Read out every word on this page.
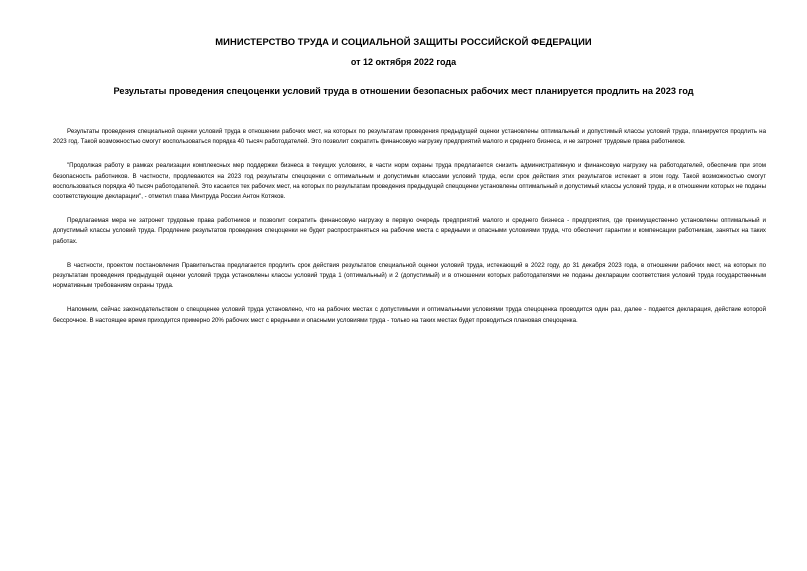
МИНИСТЕРСТВО ТРУДА И СОЦИАЛЬНОЙ ЗАЩИТЫ РОССИЙСКОЙ ФЕДЕРАЦИИ
от 12 октября 2022 года
Результаты проведения спецоценки условий труда в отношении безопасных рабочих мест планируется продлить на 2023 год

Результаты проведения специальной оценки условий труда в отношении рабочих мест, на которых по результатам проведения предыдущей оценки установлены оптимальный и допустимый классы условий труда, планируется продлить на 2023 год. Такой возможностью смогут воспользоваться порядка 40 тысяч работодателей. Это позволит сократить финансовую нагрузку предприятий малого и среднего бизнеса, и не затронет трудовые права работников.

"Продолжая работу в рамках реализации комплексных мер поддержки бизнеса в текущих условиях, в части норм охраны труда предлагается снизить административную и финансовую нагрузку на работодателей, обеспечив при этом безопасность работников. В частности, продлеваются на 2023 год результаты спецоценки с оптимальным и допустимым классами условий труда, если срок действия этих результатов истекает в этом году. Такой возможностью смогут воспользоваться порядка 40 тысяч работодателей. Это касается тех рабочих мест, на которых по результатам проведения предыдущей спецоценки установлены оптимальный и допустимый классы условий труда, и в отношении которых не поданы соответствующие декларации", - отметил глава Минтруда России Антон Котяков.

Предлагаемая мера не затронет трудовые права работников и позволит сократить финансовую нагрузку в первую очередь предприятий малого и среднего бизнеса - предприятия, где преимущественно установлены оптимальный и допустимый классы условий труда. Продление результатов проведения спецоценки не будет распространяться на рабочие места с вредными и опасными условиями труда, что обеспечит гарантии и компенсации работникам, занятых на таких работах.

В частности, проектом постановления Правительства предлагается продлить срок действия результатов специальной оценки условий труда, истекающий в 2022 году, до 31 декабря 2023 года, в отношении рабочих мест, на которых по результатам проведения предыдущей оценки условий труда установлены классы условий труда 1 (оптимальный) и 2 (допустимый) и в отношении которых работодателями не поданы декларации соответствия условий труда государственным нормативным требованиям охраны труда.

Напомним, сейчас законодательством о спецоценке условий труда установлено, что на рабочих местах с допустимыми и оптимальными условиями труда спецоценка проводится один раз, далее - подается декларация, действие которой бессрочное. В настоящее время приходится примерно 20% рабочих мест с вредными и опасными условиями труда - только на таких местах будет проводиться плановая спецоценка.
